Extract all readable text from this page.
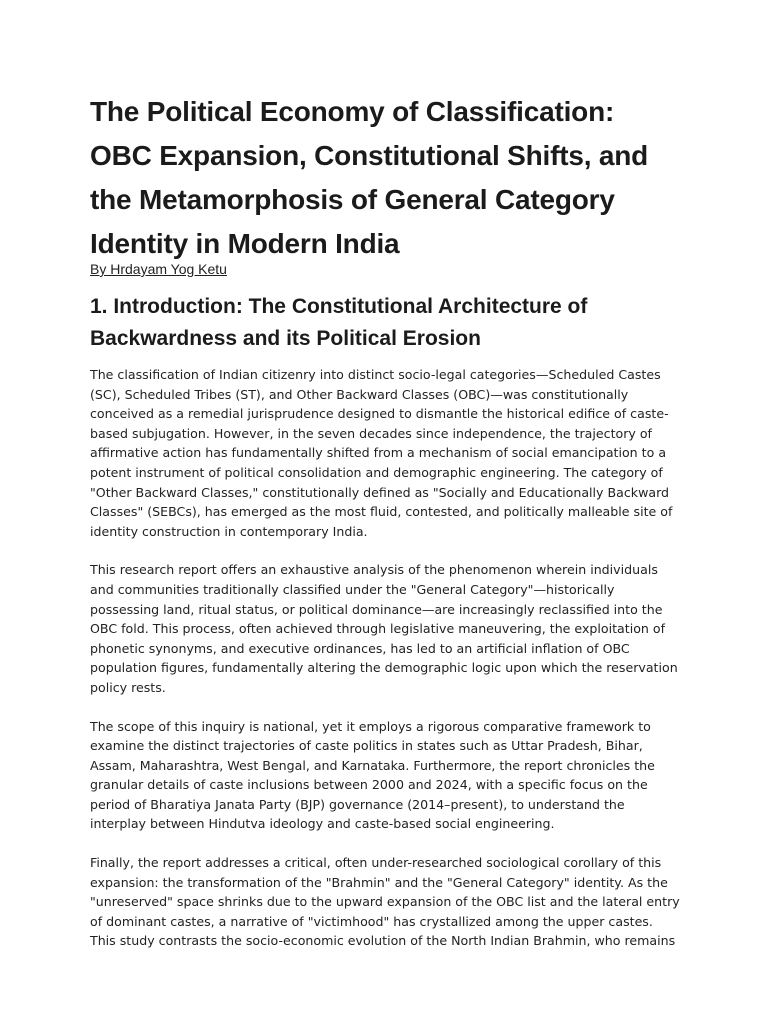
The Political Economy of Classification: OBC Expansion, Constitutional Shifts, and the Metamorphosis of General Category Identity in Modern India
By Hrdayam Yog Ketu
1. Introduction: The Constitutional Architecture of Backwardness and its Political Erosion

The classification of Indian citizenry into distinct socio-legal categories—Scheduled Castes (SC), Scheduled Tribes (ST), and Other Backward Classes (OBC)—was constitutionally conceived as a remedial jurisprudence designed to dismantle the historical edifice of caste-based subjugation. However, in the seven decades since independence, the trajectory of affirmative action has fundamentally shifted from a mechanism of social emancipation to a potent instrument of political consolidation and demographic engineering. The category of "Other Backward Classes," constitutionally defined as "Socially and Educationally Backward Classes" (SEBCs), has emerged as the most fluid, contested, and politically malleable site of identity construction in contemporary India.

This research report offers an exhaustive analysis of the phenomenon wherein individuals and communities traditionally classified under the "General Category"—historically possessing land, ritual status, or political dominance—are increasingly reclassified into the OBC fold. This process, often achieved through legislative maneuvering, the exploitation of phonetic synonyms, and executive ordinances, has led to an artificial inflation of OBC population figures, fundamentally altering the demographic logic upon which the reservation policy rests.

The scope of this inquiry is national, yet it employs a rigorous comparative framework to examine the distinct trajectories of caste politics in states such as Uttar Pradesh, Bihar, Assam, Maharashtra, West Bengal, and Karnataka. Furthermore, the report chronicles the granular details of caste inclusions between 2000 and 2024, with a specific focus on the period of Bharatiya Janata Party (BJP) governance (2014–present), to understand the interplay between Hindutva ideology and caste-based social engineering.

Finally, the report addresses a critical, often under-researched sociological corollary of this expansion: the transformation of the "Brahmin" and the "General Category" identity. As the "unreserved" space shrinks due to the upward expansion of the OBC list and the lateral entry of dominant castes, a narrative of "victimhood" has crystallized among the upper castes. This study contrasts the socio-economic evolution of the North Indian Brahmin, who remains
